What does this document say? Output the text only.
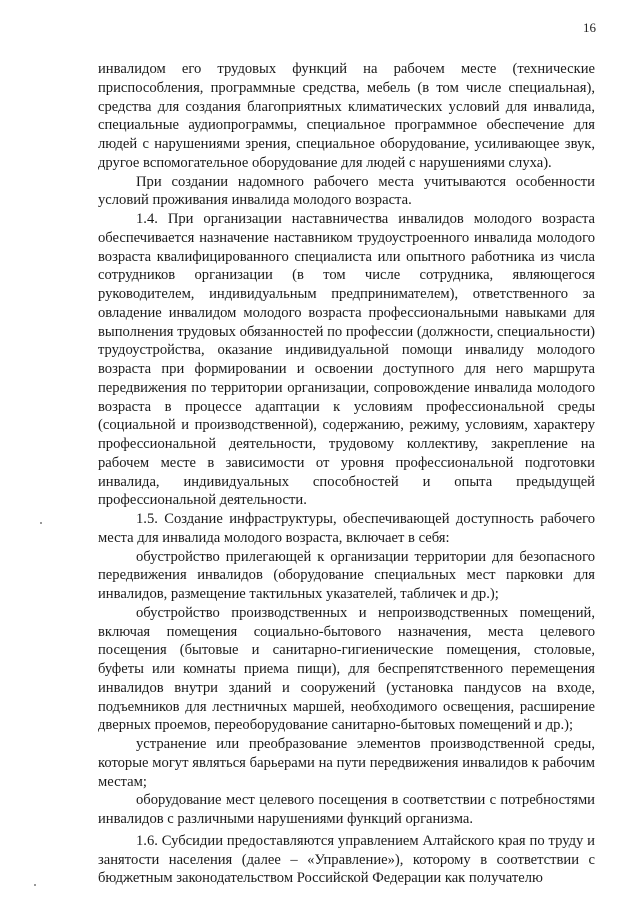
16

инвалидом его трудовых функций на рабочем месте (технические приспособления, программные средства, мебель (в том числе специальная), средства для создания благоприятных климатических условий для инвалида, специальные аудиопрограммы, специальное программное обеспечение для людей с нарушениями зрения, специальное оборудование, усиливающее звук, другое вспомогательное оборудование для людей с нарушениями слуха).

При создании надомного рабочего места учитываются особенности условий проживания инвалида молодого возраста.

1.4. При организации наставничества инвалидов молодого возраста обеспечивается назначение наставником трудоустроенного инвалида молодого возраста квалифицированного специалиста или опытного работника из числа сотрудников организации (в том числе сотрудника, являющегося руководителем, индивидуальным предпринимателем), ответственного за овладение инвалидом молодого возраста профессиональными навыками для выполнения трудовых обязанностей по профессии (должности, специальности) трудоустройства, оказание индивидуальной помощи инвалиду молодого возраста при формировании и освоении доступного для него маршрута передвижения по территории организации, сопровождение инвалида молодого возраста в процессе адаптации к условиям профессиональной среды (социальной и производственной), содержанию, режиму, условиям, характеру профессиональной деятельности, трудовому коллективу, закрепление на рабочем месте в зависимости от уровня профессиональной подготовки инвалида, индивидуальных способностей и опыта предыдущей профессиональной деятельности.

1.5. Создание инфраструктуры, обеспечивающей доступность рабочего места для инвалида молодого возраста, включает в себя:

обустройство прилегающей к организации территории для безопасного передвижения инвалидов (оборудование специальных мест парковки для инвалидов, размещение тактильных указателей, табличек и др.);

обустройство производственных и непроизводственных помещений, включая помещения социально-бытового назначения, места целевого посещения (бытовые и санитарно-гигиенические помещения, столовые, буфеты или комнаты приема пищи), для беспрепятственного перемещения инвалидов внутри зданий и сооружений (установка пандусов на входе, подъемников для лестничных маршей, необходимого освещения, расширение дверных проемов, переоборудование санитарно-бытовых помещений и др.);

устранение или преобразование элементов производственной среды, которые могут являться барьерами на пути передвижения инвалидов к рабочим местам;

оборудование мест целевого посещения в соответствии с потребностями инвалидов с различными нарушениями функций организма.

1.6. Субсидии предоставляются управлением Алтайского края по труду и занятости населения (далее – «Управление»), которому в соответствии с бюджетным законодательством Российской Федерации как получателю
